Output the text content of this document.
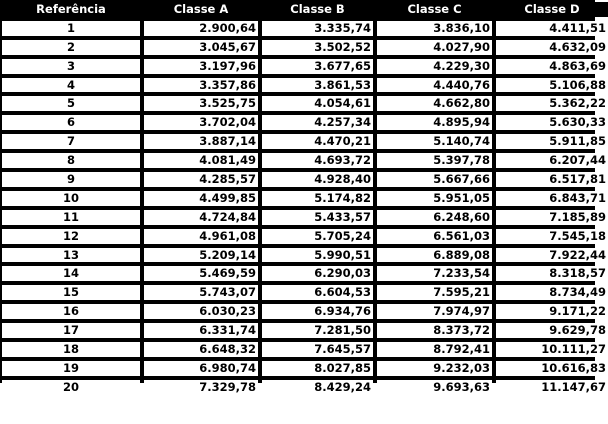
Referência	Classe A	Classe B	Classe C	Classe D
1	2.900,64	3.335,74	3.836,10	4.411,51
2	3.045,67	3.502,52	4.027,90	4.632,09
3	3.197,96	3.677,65	4.229,30	4.863,69
4	3.357,86	3.861,53	4.440,76	5.106,88
5	3.525,75	4.054,61	4.662,80	5.362,22
6	3.702,04	4.257,34	4.895,94	5.630,33
7	3.887,14	4.470,21	5.140,74	5.911,85
8	4.081,49	4.693,72	5.397,78	6.207,44
9	4.285,57	4.928,40	5.667,66	6.517,81
10	4.499,85	5.174,82	5.951,05	6.843,71
11	4.724,84	5.433,57	6.248,60	7.185,89
12	4.961,08	5.705,24	6.561,03	7.545,18
13	5.209,14	5.990,51	6.889,08	7.922,44
14	5.469,59	6.290,03	7.233,54	8.318,57
15	5.743,07	6.604,53	7.595,21	8.734,49
16	6.030,23	6.934,76	7.974,97	9.171,22
17	6.331,74	7.281,50	8.373,72	9.629,78
18	6.648,32	7.645,57	8.792,41	10.111,27
19	6.980,74	8.027,85	9.232,03	10.616,83
20	7.329,78	8.429,24	9.693,63	11.147,67
